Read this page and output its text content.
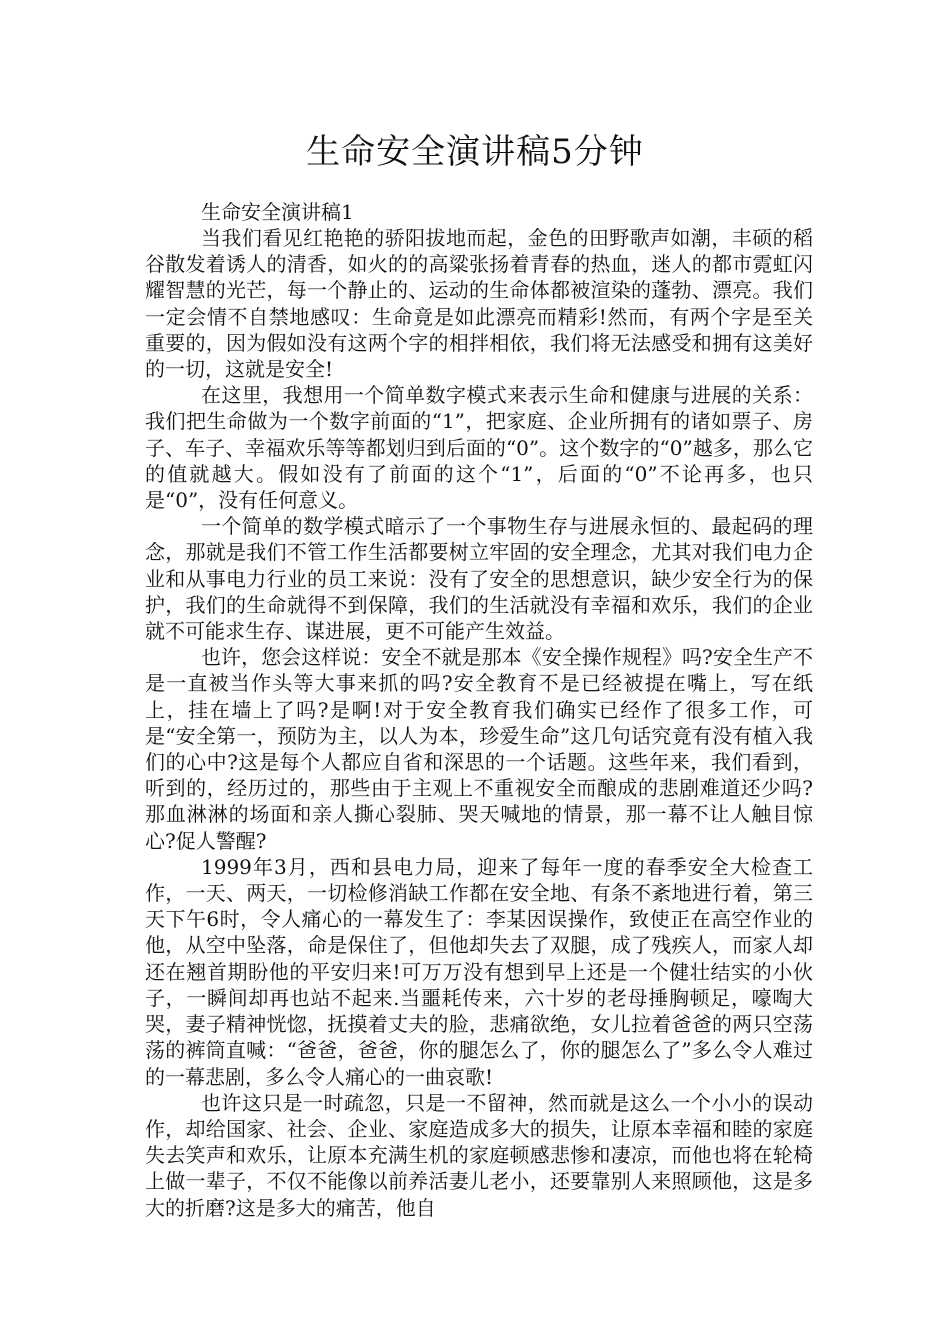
生命安全演讲稿5分钟

生命安全演讲稿1

当我们看见红艳艳的骄阳拔地而起，金色的田野歌声如潮，丰硕的稻谷散发着诱人的清香，如火的的高粱张扬着青春的热血，迷人的都市霓虹闪耀智慧的光芒，每一个静止的、运动的生命体都被渲染的蓬勃、漂亮。我们一定会情不自禁地感叹：生命竟是如此漂亮而精彩!然而，有两个字是至关重要的，因为假如没有这两个字的相拌相依，我们将无法感受和拥有这美好的一切，这就是安全!

在这里，我想用一个简单数字模式来表示生命和健康与进展的关系：我们把生命做为一个数字前面的“1”，把家庭、企业所拥有的诸如票子、房子、车子、幸福欢乐等等都划归到后面的“0”。这个数字的“0”越多，那么它的值就越大。假如没有了前面的这个“1”，后面的“0”不论再多，也只是“0”，没有任何意义。

一个简单的数学模式暗示了一个事物生存与进展永恒的、最起码的理念，那就是我们不管工作生活都要树立牢固的安全理念，尤其对我们电力企业和从事电力行业的员工来说：没有了安全的思想意识，缺少安全行为的保护，我们的生命就得不到保障，我们的生活就没有幸福和欢乐，我们的企业就不可能求生存、谋进展，更不可能产生效益。

也许，您会这样说：安全不就是那本《安全操作规程》吗?安全生产不是一直被当作头等大事来抓的吗?安全教育不是已经被提在嘴上，写在纸上，挂在墙上了吗?是啊!对于安全教育我们确实已经作了很多工作，可是“安全第一，预防为主，以人为本，珍爱生命”这几句话究竟有没有植入我们的心中?这是每个人都应自省和深思的一个话题。这些年来，我们看到，听到的，经历过的，那些由于主观上不重视安全而酿成的悲剧难道还少吗?那血淋淋的场面和亲人撕心裂肺、哭天喊地的情景，那一幕不让人触目惊心?促人警醒?

1999年3月，西和县电力局，迎来了每年一度的春季安全大检查工作，一天、两天，一切检修消缺工作都在安全地、有条不紊地进行着，第三天下午6时，令人痛心的一幕发生了：李某因误操作，致使正在高空作业的他，从空中坠落，命是保住了，但他却失去了双腿，成了残疾人，而家人却还在翘首期盼他的平安归来!可万万没有想到早上还是一个健壮结实的小伙子，一瞬间却再也站不起来.当噩耗传来，六十岁的老母捶胸顿足，嚎啕大哭，妻子精神恍惚，抚摸着丈夫的脸，悲痛欲绝，女儿拉着爸爸的两只空荡荡的裤筒直喊：“爸爸，爸爸，你的腿怎么了，你的腿怎么了”多么令人难过的一幕悲剧，多么令人痛心的一曲哀歌!

也许这只是一时疏忽，只是一不留神，然而就是这么一个小小的误动作，却给国家、社会、企业、家庭造成多大的损失，让原本幸福和睦的家庭失去笑声和欢乐，让原本充满生机的家庭顿感悲惨和凄凉，而他也将在轮椅上做一辈子，不仅不能像以前养活妻儿老小，还要靠别人来照顾他，这是多大的折磨?这是多大的痛苦，他自
